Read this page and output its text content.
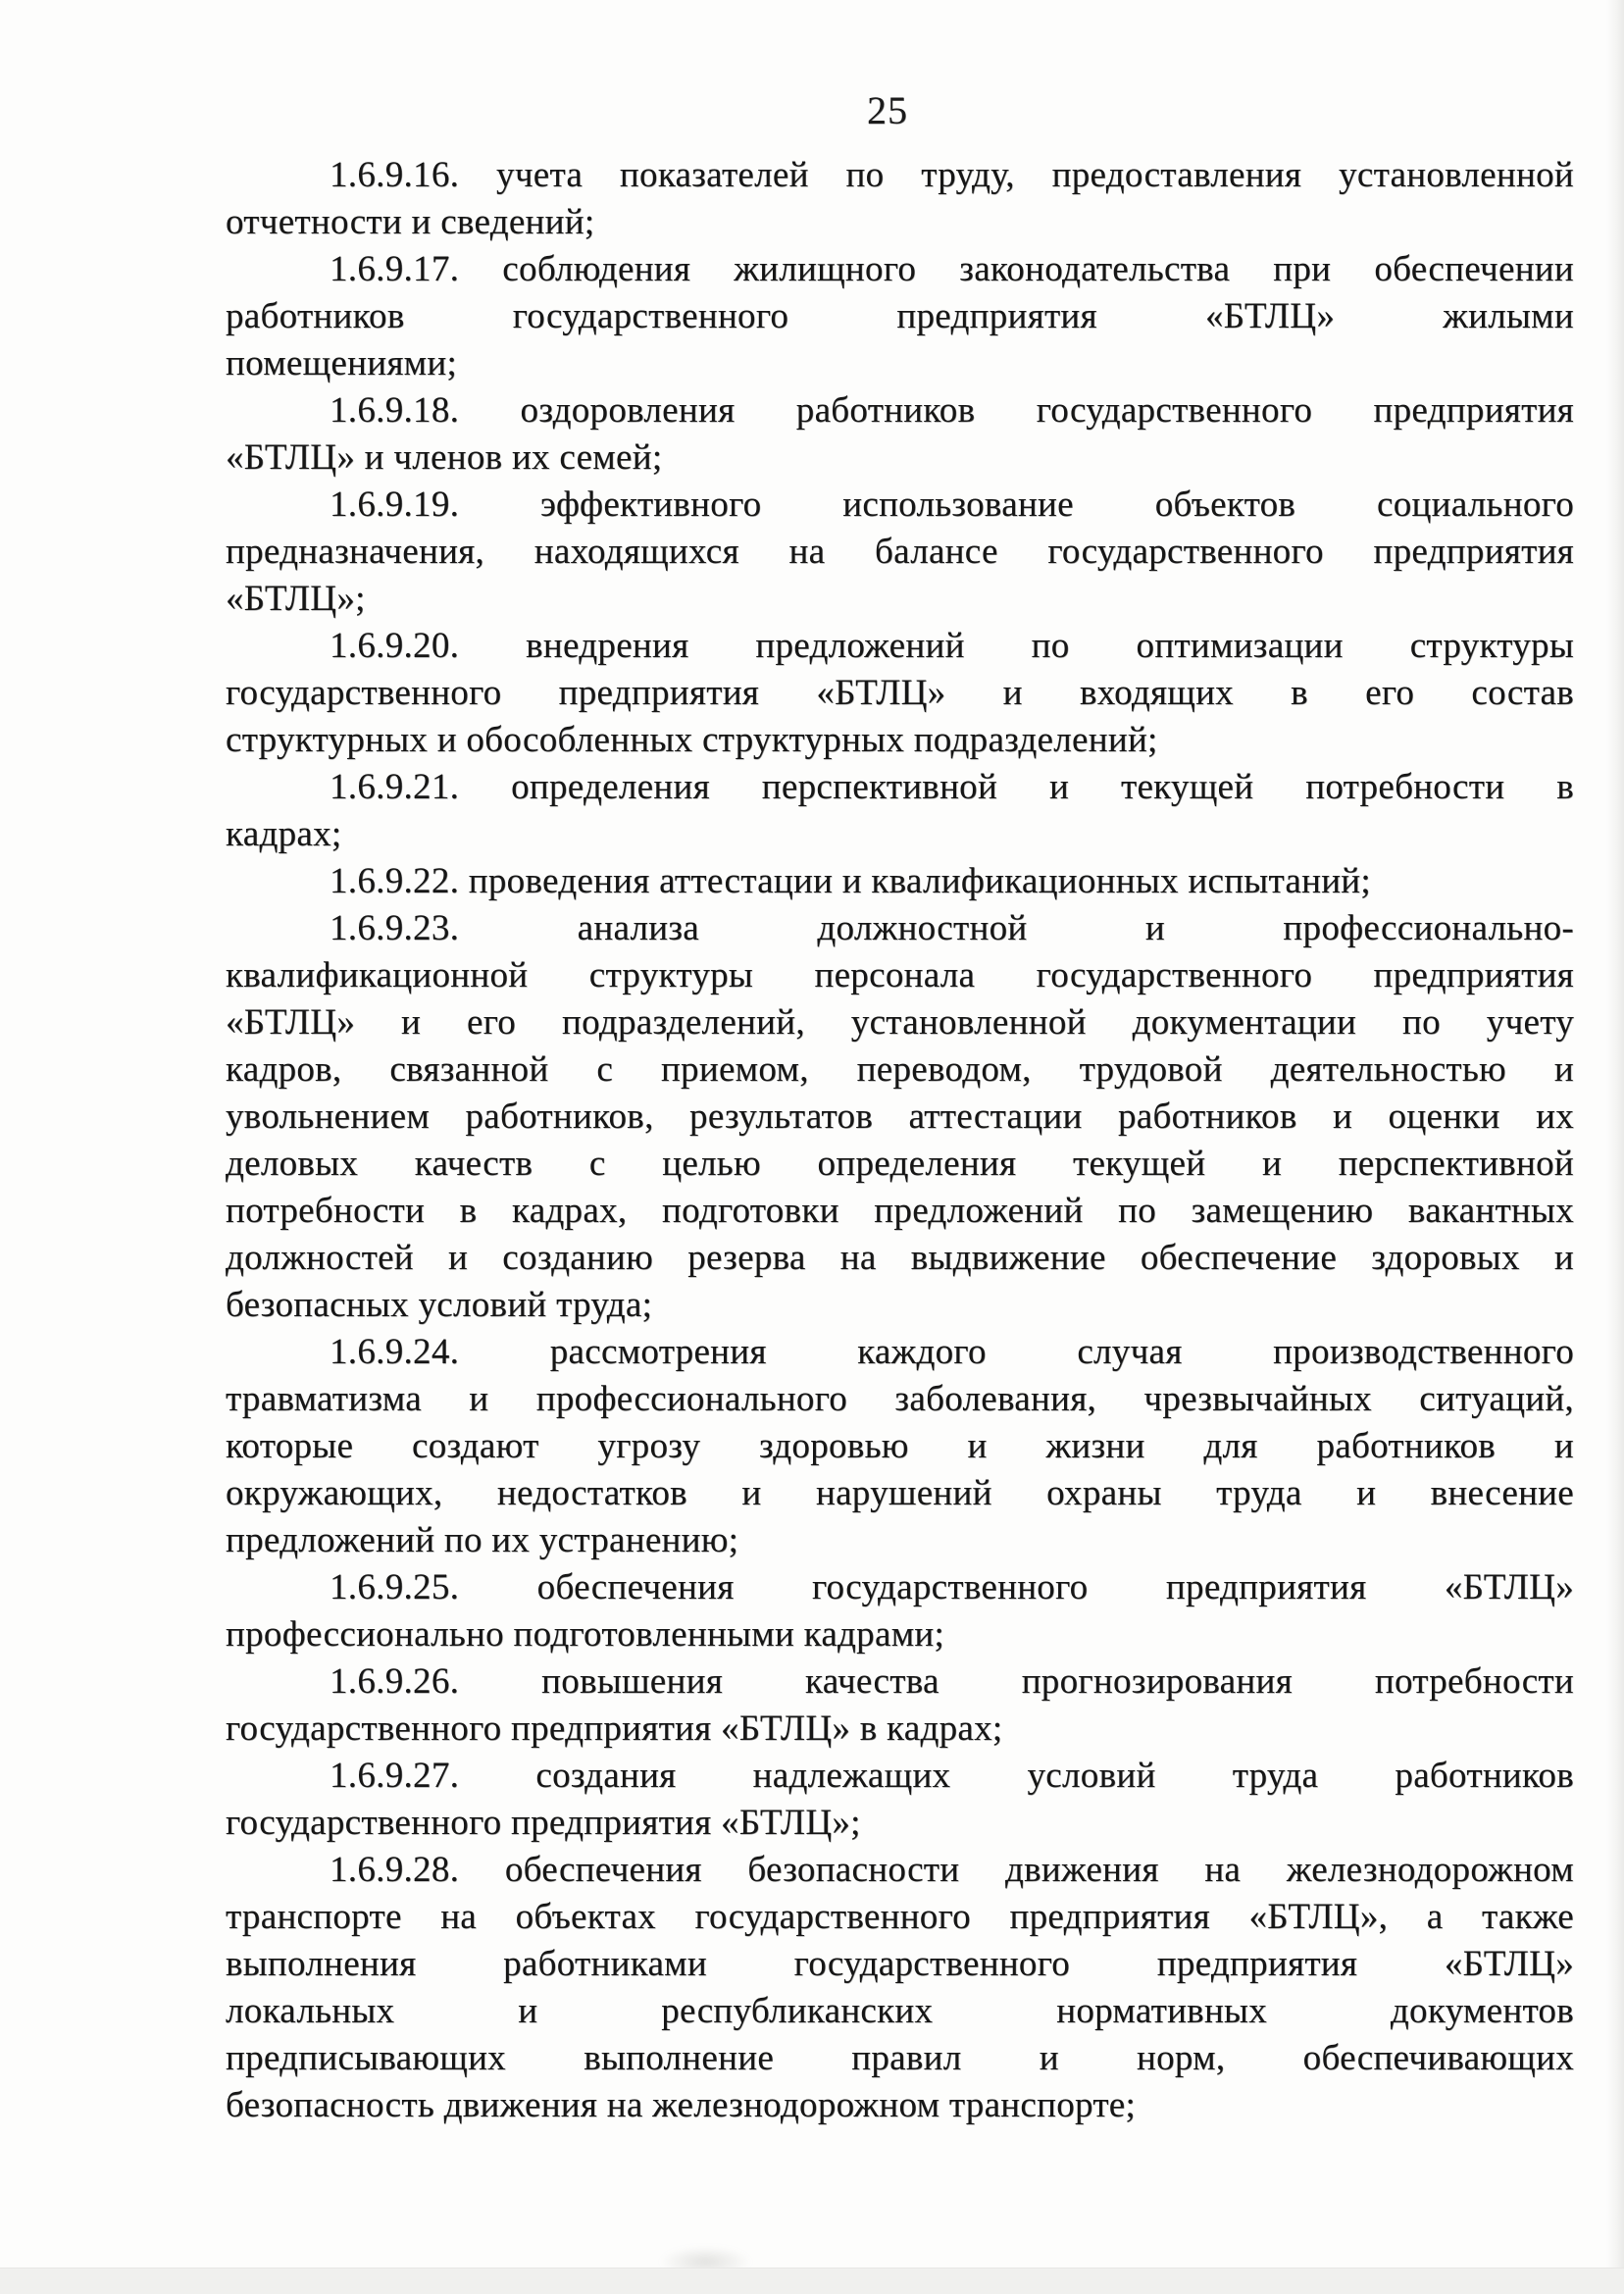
25
1.6.9.16. учета показателей по труду, предоставления установленной
отчетности и сведений;
1.6.9.17. соблюдения жилищного законодательства при обеспечении
работников государственного предприятия «БТЛЦ» жилыми
помещениями;
1.6.9.18. оздоровления работников государственного предприятия
«БТЛЦ» и членов их семей;
1.6.9.19. эффективного использование объектов социального
предназначения, находящихся на балансе государственного предприятия
«БТЛЦ»;
1.6.9.20. внедрения предложений по оптимизации структуры
государственного предприятия «БТЛЦ» и входящих в его состав
структурных и обособленных структурных подразделений;
1.6.9.21. определения перспективной и текущей потребности в
кадрах;
1.6.9.22. проведения аттестации и квалификационных испытаний;
1.6.9.23. анализа должностной и профессионально-
квалификационной структуры персонала государственного предприятия
«БТЛЦ» и его подразделений, установленной документации по учету
кадров, связанной с приемом, переводом, трудовой деятельностью и
увольнением работников, результатов аттестации работников и оценки их
деловых качеств с целью определения текущей и перспективной
потребности в кадрах, подготовки предложений по замещению вакантных
должностей и созданию резерва на выдвижение обеспечение здоровых и
безопасных условий труда;
1.6.9.24. рассмотрения каждого случая производственного
травматизма и профессионального заболевания, чрезвычайных ситуаций,
которые создают угрозу здоровью и жизни для работников и
окружающих, недостатков и нарушений охраны труда и внесение
предложений по их устранению;
1.6.9.25. обеспечения государственного предприятия «БТЛЦ»
профессионально подготовленными кадрами;
1.6.9.26. повышения качества прогнозирования потребности
государственного предприятия «БТЛЦ» в кадрах;
1.6.9.27. создания надлежащих условий труда работников
государственного предприятия «БТЛЦ»;
1.6.9.28. обеспечения безопасности движения на железнодорожном
транспорте на объектах государственного предприятия «БТЛЦ», а также
выполнения работниками государственного предприятия «БТЛЦ»
локальных и республиканских нормативных документов
предписывающих выполнение правил и норм, обеспечивающих
безопасность движения на железнодорожном транспорте;
